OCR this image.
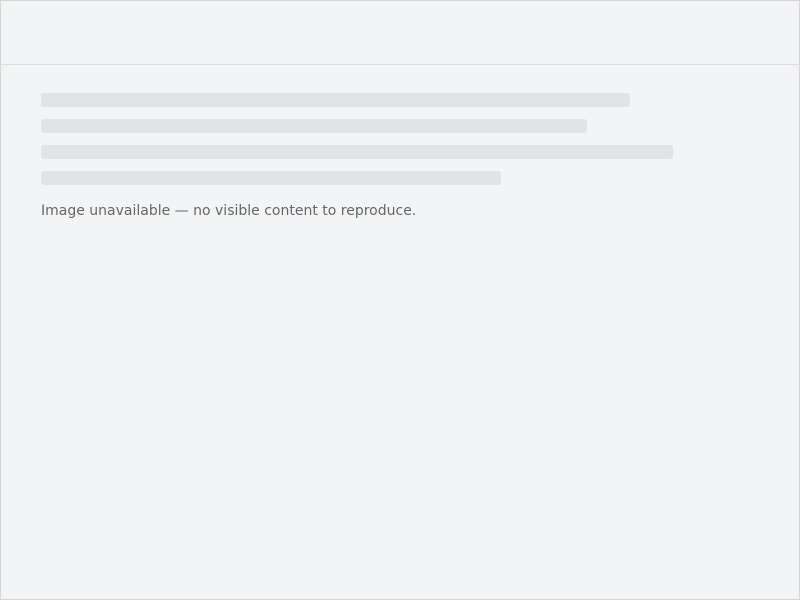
Image unavailable — no visible content to reproduce.
